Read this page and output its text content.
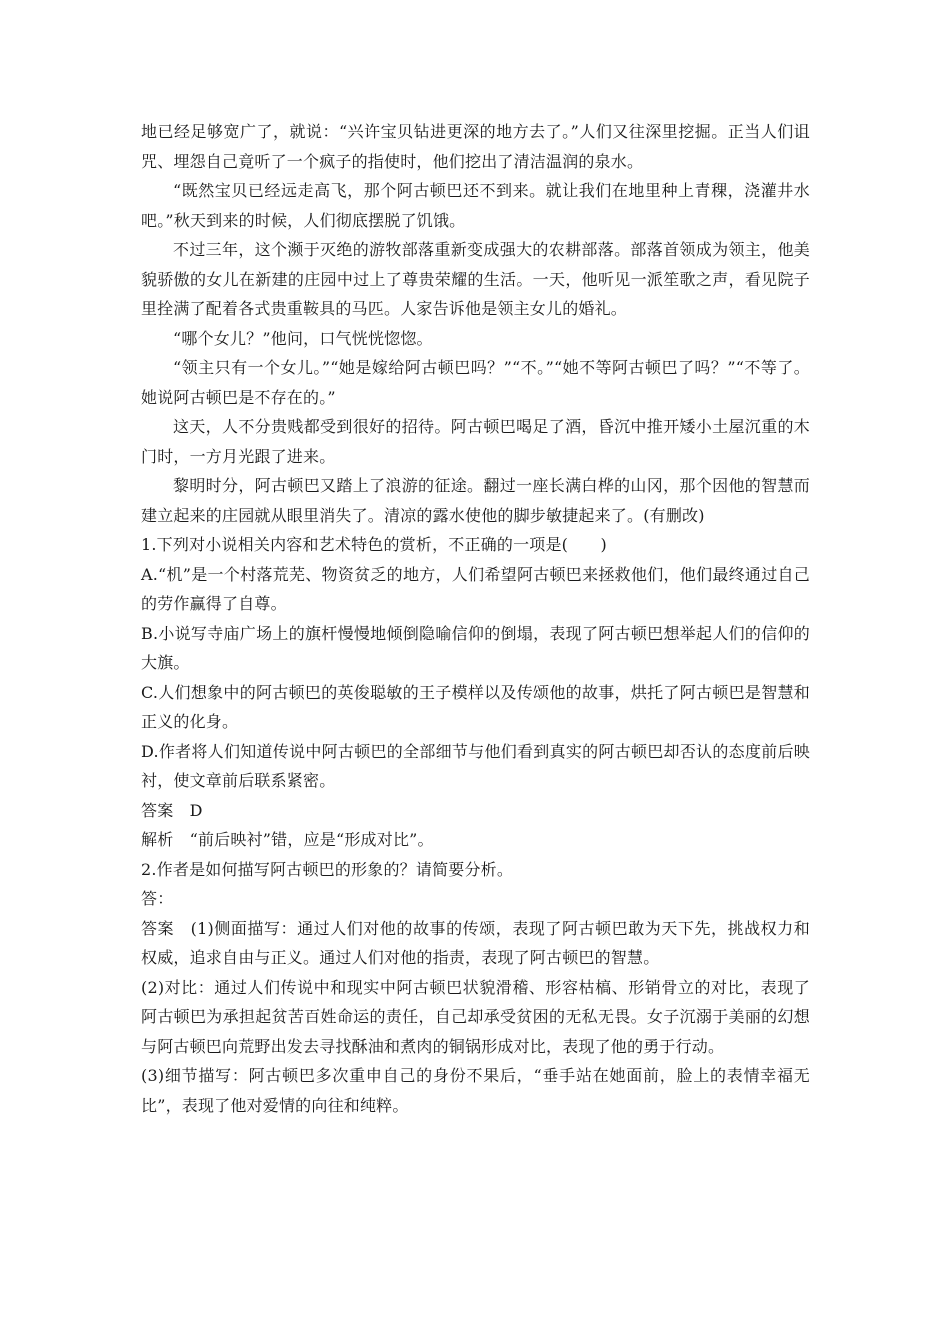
地已经足够宽广了，就说：“兴许宝贝钻进更深的地方去了。”人们又往深里挖掘。正当人们诅咒、埋怨自己竟听了一个疯子的指使时，他们挖出了清洁温润的泉水。

“既然宝贝已经远走高飞，那个阿古顿巴还不到来。就让我们在地里种上青稞，浇灌井水吧。”秋天到来的时候，人们彻底摆脱了饥饿。

不过三年，这个濒于灭绝的游牧部落重新变成强大的农耕部落。部落首领成为领主，他美貌骄傲的女儿在新建的庄园中过上了尊贵荣耀的生活。一天，他听见一派笙歌之声，看见院子里拴满了配着各式贵重鞍具的马匹。人家告诉他是领主女儿的婚礼。

“哪个女儿？”他问，口气恍恍惚惚。

“领主只有一个女儿。”“她是嫁给阿古顿巴吗？”“不。”“她不等阿古顿巴了吗？”“不等了。她说阿古顿巴是不存在的。”

这天，人不分贵贱都受到很好的招待。阿古顿巴喝足了酒，昏沉中推开矮小土屋沉重的木门时，一方月光跟了进来。

黎明时分，阿古顿巴又踏上了浪游的征途。翻过一座长满白桦的山冈，那个因他的智慧而建立起来的庄园就从眼里消失了。清凉的露水使他的脚步敏捷起来了。(有删改)

1.下列对小说相关内容和艺术特色的赏析，不正确的一项是(　　)

A.“机”是一个村落荒芜、物资贫乏的地方，人们希望阿古顿巴来拯救他们，他们最终通过自己的劳作赢得了自尊。

B.小说写寺庙广场上的旗杆慢慢地倾倒隐喻信仰的倒塌，表现了阿古顿巴想举起人们的信仰的大旗。

C.人们想象中的阿古顿巴的英俊聪敏的王子模样以及传颂他的故事，烘托了阿古顿巴是智慧和正义的化身。

D.作者将人们知道传说中阿古顿巴的全部细节与他们看到真实的阿古顿巴却否认的态度前后映衬，使文章前后联系紧密。

答案　D

解析　“前后映衬”错，应是“形成对比”。

2.作者是如何描写阿古顿巴的形象的？请简要分析。

答：

答案　(1)侧面描写：通过人们对他的故事的传颂，表现了阿古顿巴敢为天下先，挑战权力和权威，追求自由与正义。通过人们对他的指责，表现了阿古顿巴的智慧。

(2)对比：通过人们传说中和现实中阿古顿巴状貌滑稽、形容枯槁、形销骨立的对比，表现了阿古顿巴为承担起贫苦百姓命运的责任，自己却承受贫困的无私无畏。女子沉溺于美丽的幻想与阿古顿巴向荒野出发去寻找酥油和煮肉的铜锅形成对比，表现了他的勇于行动。

(3)细节描写：阿古顿巴多次重申自己的身份不果后，“垂手站在她面前，脸上的表情幸福无比”，表现了他对爱情的向往和纯粹。
